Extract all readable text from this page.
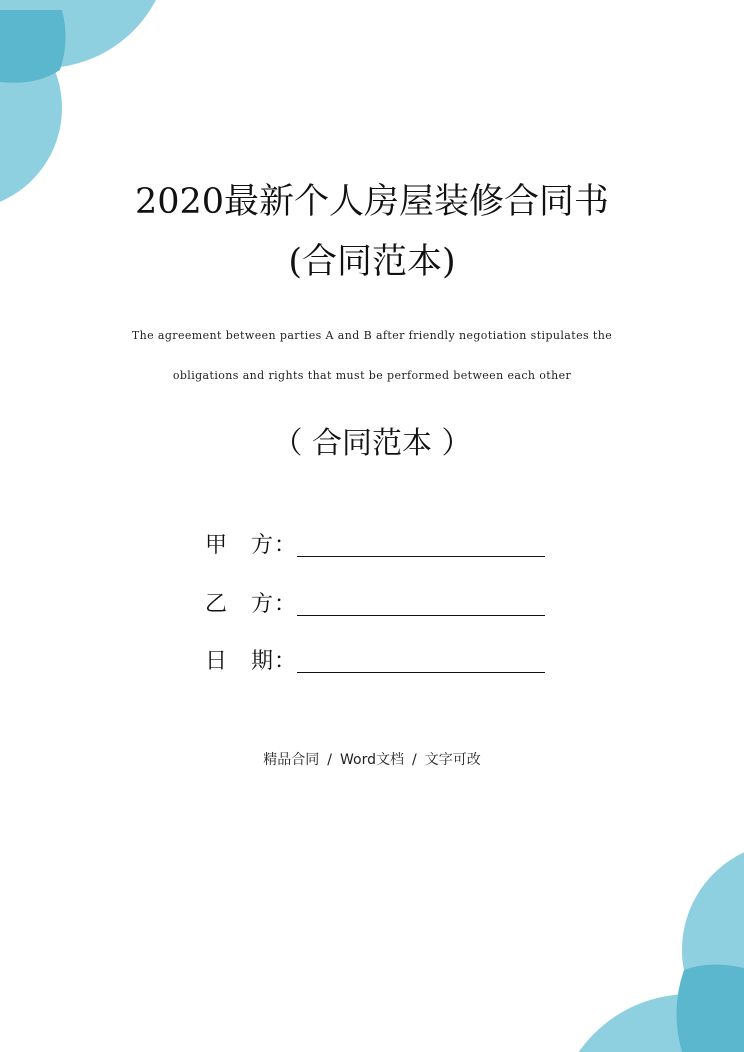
2020最新个人房屋装修合同书
(合同范本)
The agreement between parties A and B after friendly negotiation stipulates the
obligations and rights that must be performed between each other
（ 合同范本 ）
甲　方：
乙　方：
日　期：
精品合同 / Word文档 / 文字可改
